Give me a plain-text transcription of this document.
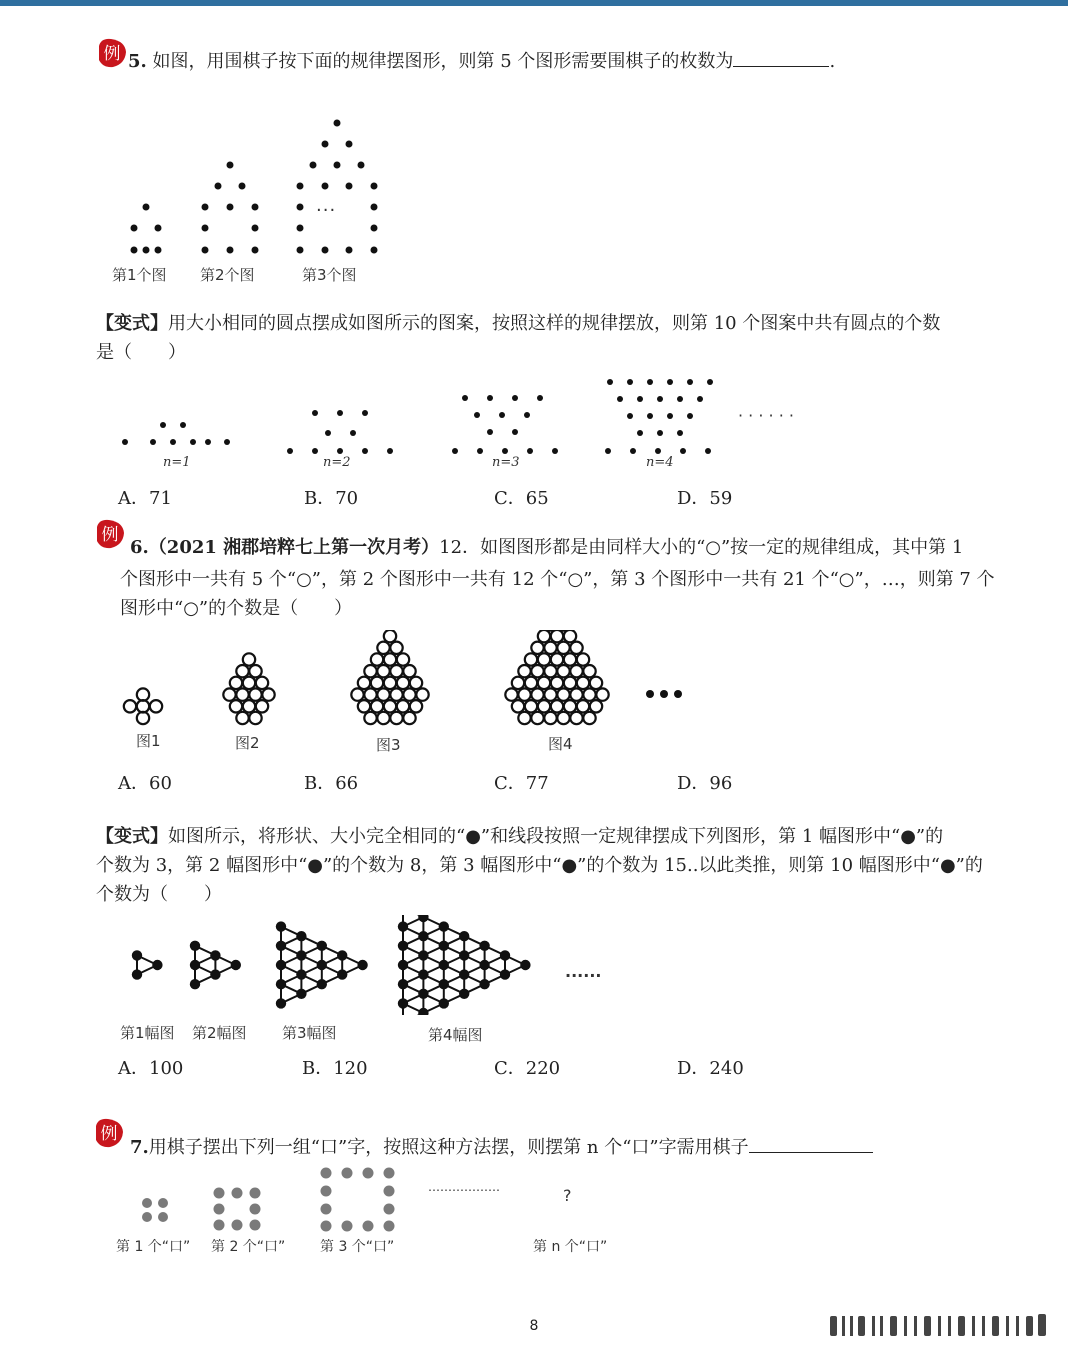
例 5. 如图，用围棋子按下面的规律摆图形，则第 5 个图形需要围棋子的枚数为	.
···
第1个图 第2个图	第3个图
【变式】用大小相同的圆点摆成如图所示的图案，按照这样的规律摆放，则第 10 个图案中共有圆点的个数
是（　　）
· · · · · ·
n=1	n=2	n=3	n=4
A．71	B．70	C．65	D．59
例
6.（2021 湘郡培粹七上第一次月考）12．如图图形都是由同样大小的“○”按一定的规律组成，其中第 1
个图形中一共有 5 个“○”，第 2 个图形中一共有 12 个“○”，第 3 个图形中一共有 21 个“○”，…，则第 7 个
图形中“○”的个数是（　　）
图1	图2	图3	图4
A．60	B．66	C．77	D．96
【变式】如图所示，将形状、大小完全相同的“●”和线段按照一定规律摆成下列图形，第 1 幅图形中“●”的
个数为 3，第 2 幅图形中“●”的个数为 8，第 3 幅图形中“●”的个数为 15..以此类推，则第 10 幅图形中“●”的
个数为（　　）
......
第1幅图 第2幅图 第3幅图	第4幅图
A．100	B．120	C．220	D．240
例
7.用棋子摆出下列一组“口”字，按照这种方法摆，则摆第 n 个“口”字需用棋子
………………	?
第 1 个“口” 第 2 个“口” 第 3 个“口”	第 n 个“口”
8
